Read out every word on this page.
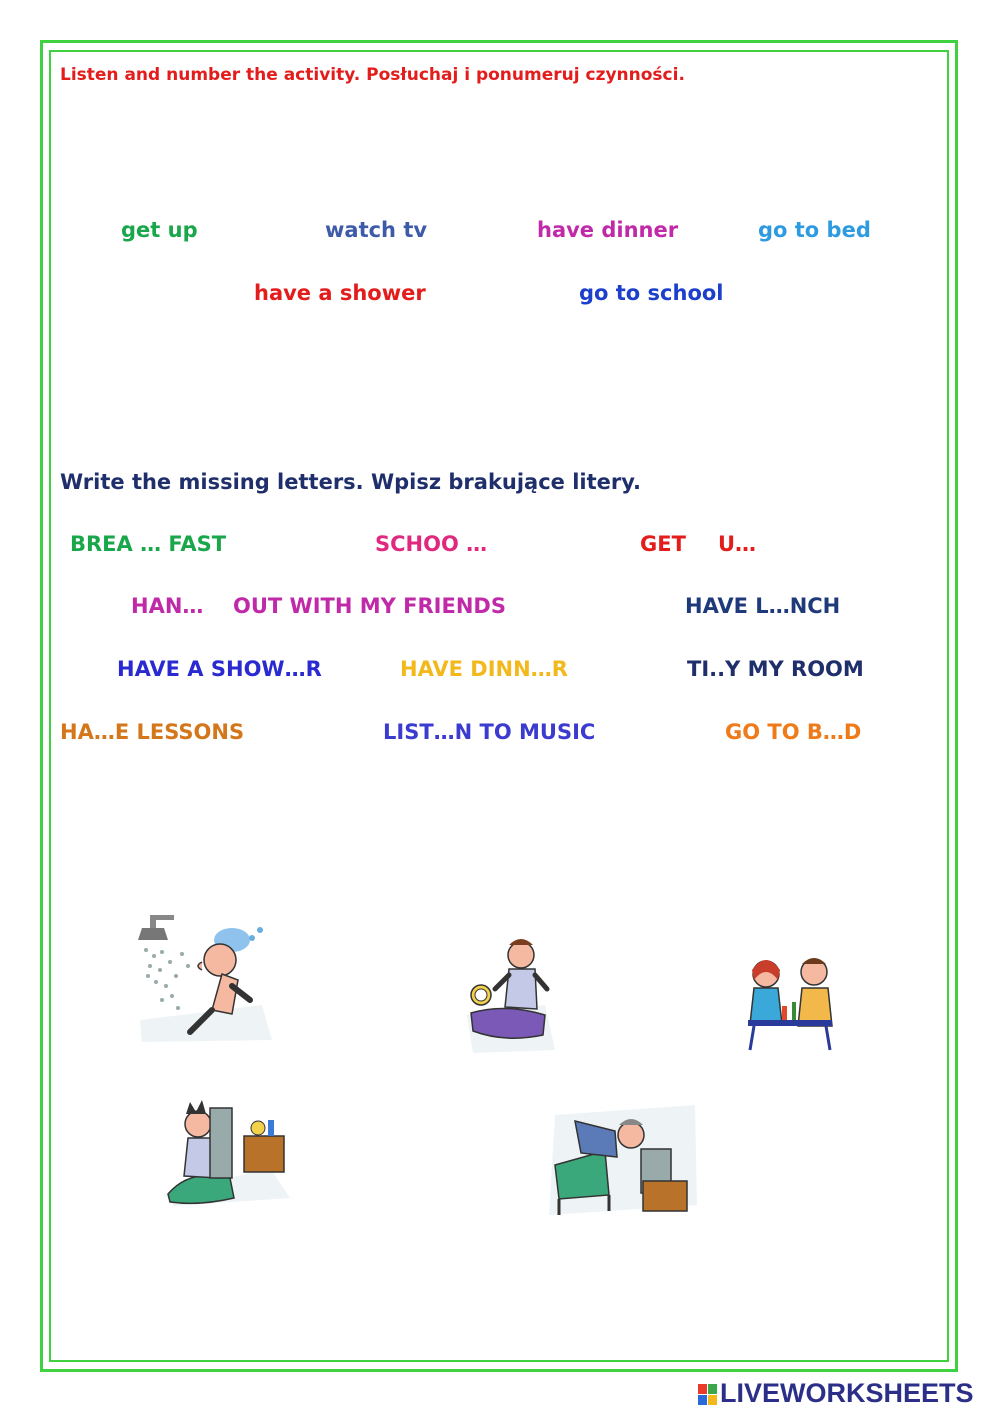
Listen and number the activity. Posłuchaj i ponumeruj czynności.
get up	watch tv	have dinner	go to bed
have a shower	go to school
Write the missing letters. Wpisz brakujące litery.
BREA … FAST	SCHOO …	GET U…
HAN… OUT WITH MY FRIENDS	HAVE L…NCH
HAVE A SHOW…R	HAVE DINN…R	TI..Y MY ROOM
HA…E LESSONS	LIST…N TO MUSIC	GO TO B…D
LIVEWORKSHEETS
